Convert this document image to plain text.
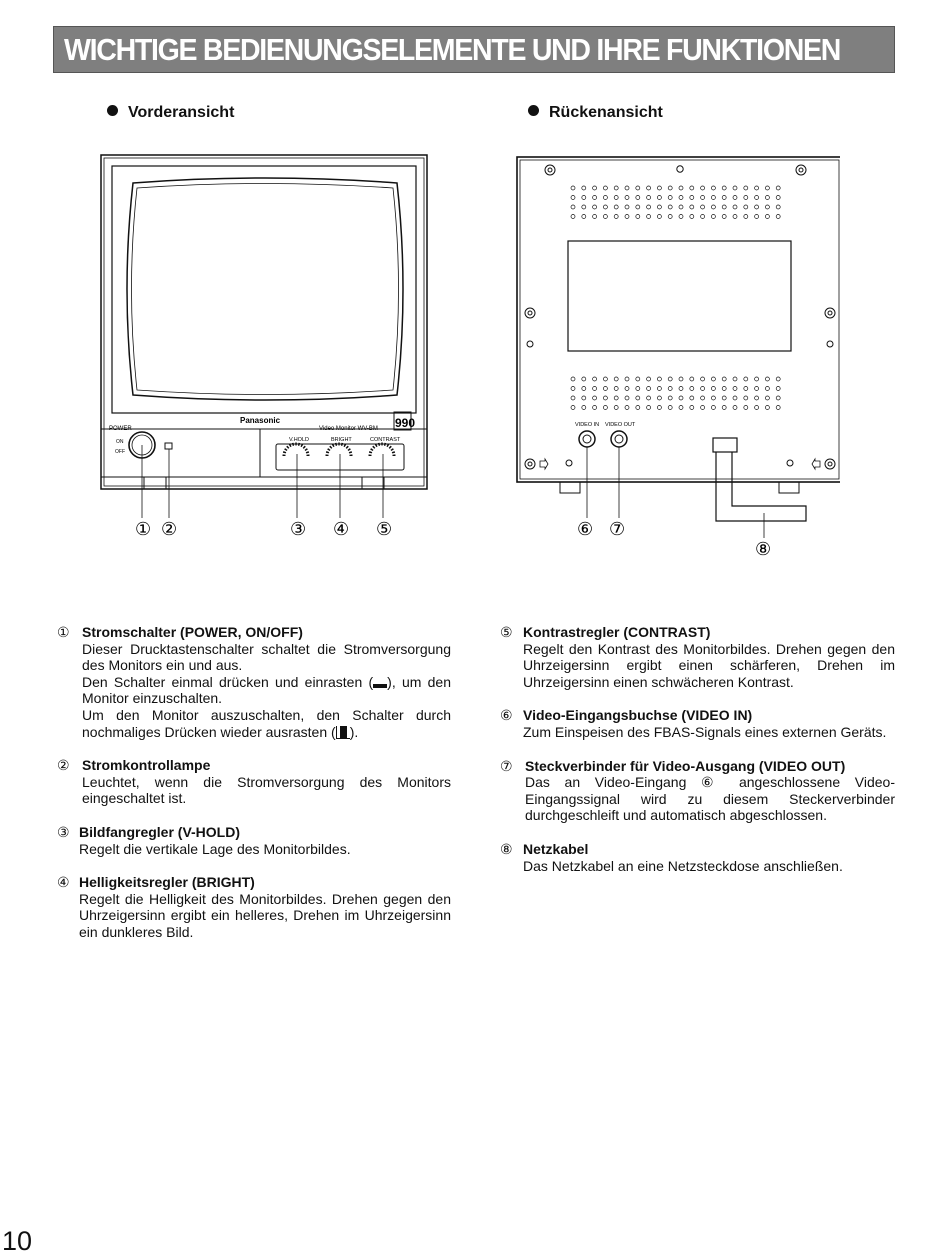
WICHTIGE BEDIENUNGSELEMENTE UND IHRE FUNKTIONEN
Vorderansicht	Rückenansicht
POWER
ON
OFF
Panasonic
Video Monitor WV-BM 990
V.HOLD	BRIGHT	CONTRAST
① ②	③ ④ ⑤
VIDEO IN VIDEO OUT
⑥ ⑦
⑧
① Stromschalter (POWER, ON/OFF)
Dieser Drucktastenschalter schaltet die Stromversorgung des Monitors ein und aus.
Den Schalter einmal drücken und einrasten ( ), um den Monitor einzuschalten.
Um den Monitor auszuschalten, den Schalter durch nochmaliges Drücken wieder ausrasten ( ).
② Stromkontrollampe
Leuchtet, wenn die Stromversorgung des Monitors eingeschaltet ist.
③ Bildfangregler (V-HOLD)
Regelt die vertikale Lage des Monitorbildes.
④ Helligkeitsregler (BRIGHT)
Regelt die Helligkeit des Monitorbildes. Drehen gegen den Uhrzeigersinn ergibt ein helleres, Drehen im Uhrzeigersinn ein dunkleres Bild.
⑤ Kontrastregler (CONTRAST)
Regelt den Kontrast des Monitorbildes. Drehen gegen den Uhrzeigersinn ergibt einen schärferen, Drehen im Uhrzeigersinn einen schwächeren Kontrast.
⑥ Video-Eingangsbuchse (VIDEO IN)
Zum Einspeisen des FBAS-Signals eines externen Geräts.
⑦ Steckverbinder für Video-Ausgang (VIDEO OUT)
Das an Video-Eingang ⑥ angeschlossene Video-Eingangssignal wird zu diesem Steckerverbinder durchgeschleift und automatisch abgeschlossen.
⑧ Netzkabel
Das Netzkabel an eine Netzsteckdose anschließen.
10
